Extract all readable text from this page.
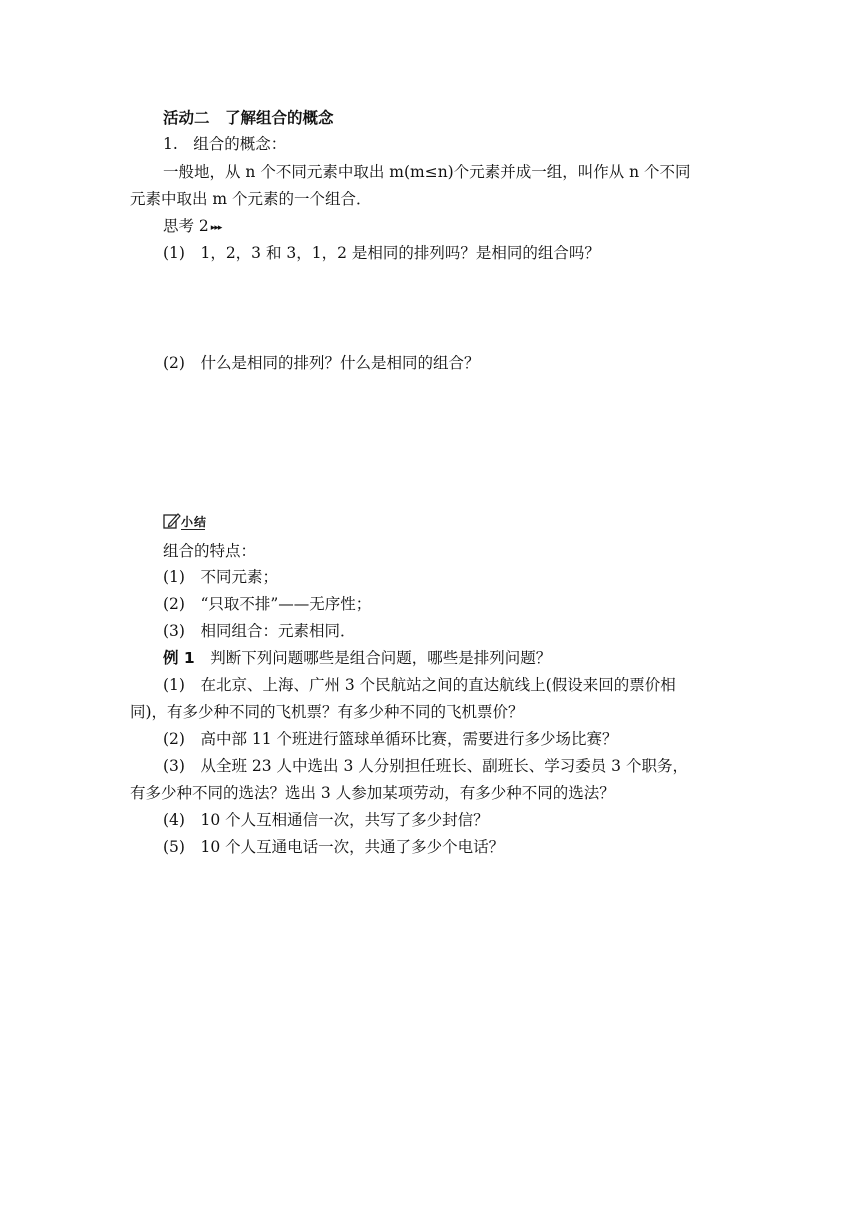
活动二　了解组合的概念
1.　组合的概念：
一般地，从 n 个不同元素中取出 m(m≤n)个元素并成一组，叫作从 n 个不同
元素中取出 m 个元素的一个组合．
思考 2 ▸▸▸
(1)　1，2，3 和 3，1，2 是相同的排列吗？是相同的组合吗？
(2)　什么是相同的排列？什么是相同的组合？
小结
组合的特点：
(1)　不同元素；
(2)　“只取不排”——无序性；
(3)　相同组合：元素相同．
例 1　判断下列问题哪些是组合问题，哪些是排列问题？
(1)　在北京、上海、广州 3 个民航站之间的直达航线上(假设来回的票价相
同)，有多少种不同的飞机票？有多少种不同的飞机票价？
(2)　高中部 11 个班进行篮球单循环比赛，需要进行多少场比赛？
(3)　从全班 23 人中选出 3 人分别担任班长、副班长、学习委员 3 个职务，
有多少种不同的选法？选出 3 人参加某项劳动，有多少种不同的选法？
(4)　10 个人互相通信一次，共写了多少封信？
(5)　10 个人互通电话一次，共通了多少个电话？
